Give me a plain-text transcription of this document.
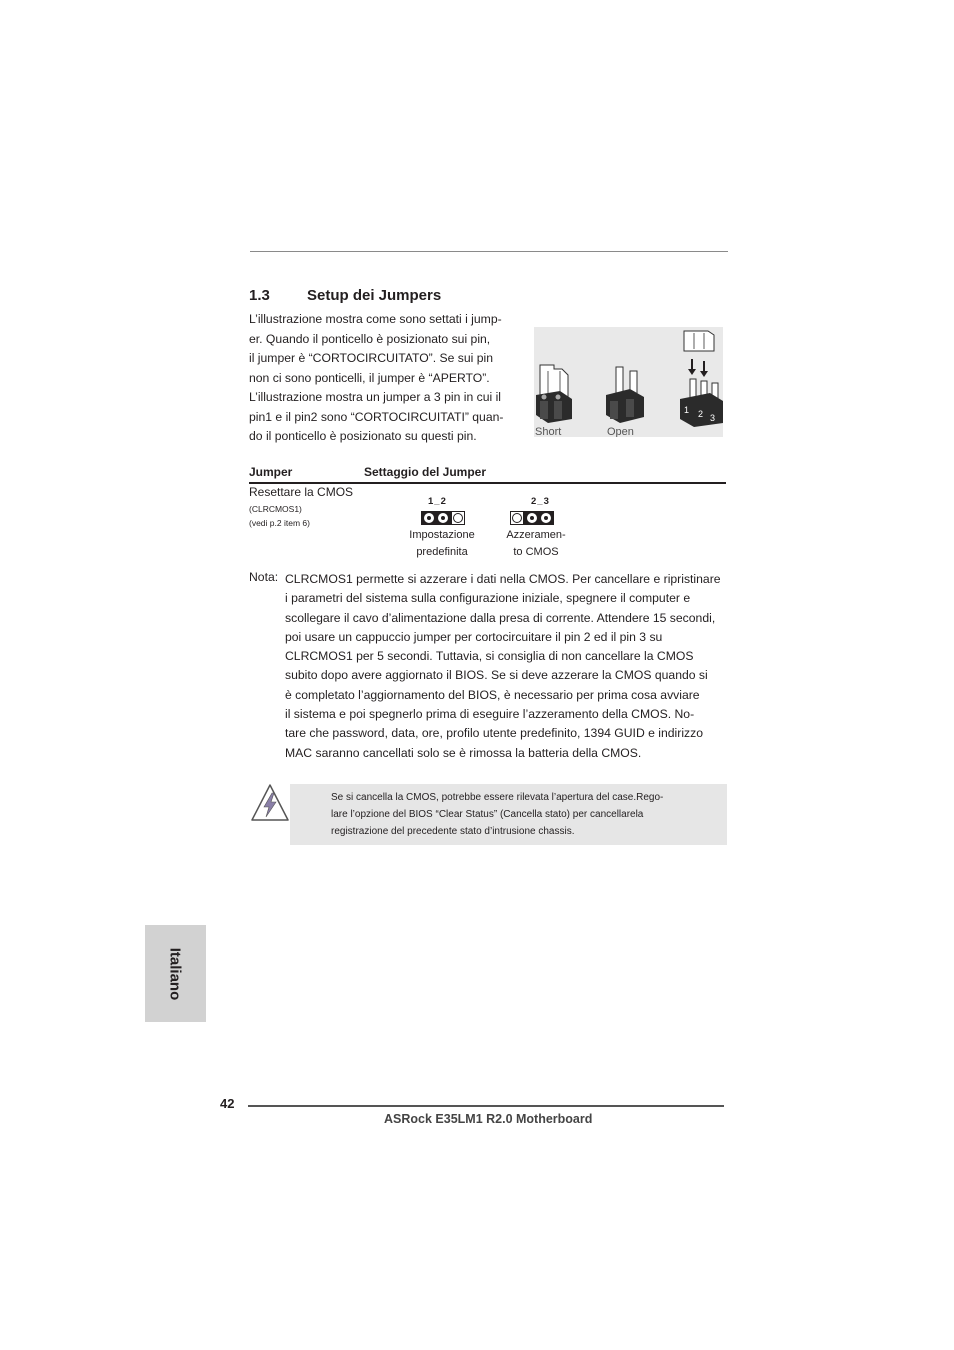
1.3 Setup dei Jumpers

L’illustrazione mostra come sono settati i jump-

er. Quando il ponticello è posizionato sui pin,

il jumper è “CORTOCIRCUITATO”. Se sui pin

non ci sono ponticelli, il jumper è “APERTO”.

L’illustrazione mostra un jumper a 3 pin in cui il

pin1 e il pin2 sono “CORTOCIRCUITATI” quan-

do il ponticello è posizionato su questi pin.

1 2 3
Short	Open
Jumper	Settaggio del Jumper
Resettare la CMOS
(CLRCMOS1)
(vedi p.2 item 6)
1_2
Impostazione
predefinita
2_3
Azzeramen-
to CMOS
Nota: CLRCMOS1 permette si azzerare i dati nella CMOS. Per cancellare e ripristinare
i parametri del sistema sulla configurazione iniziale, spegnere il computer e
scollegare il cavo d’alimentazione dalla presa di corrente. Attendere 15 secondi,
poi usare un cappuccio jumper per cortocircuitare il pin 2 ed il pin 3 su
CLRCMOS1 per 5 secondi. Tuttavia, si consiglia di non cancellare la CMOS
subito dopo avere aggiornato il BIOS. Se si deve azzerare la CMOS quando si
è completato l’aggiornamento del BIOS, è necessario per prima cosa avviare
il sistema e poi spegnerlo prima di eseguire l’azzeramento della CMOS. No-
tare che password, data, ore, profilo utente predefinito, 1394 GUID e indirizzo
MAC saranno cancellati solo se è rimossa la batteria della CMOS.
Se si cancella la CMOS, potrebbe essere rilevata l’apertura del case.Rego-
lare l’opzione del BIOS “Clear Status” (Cancella stato) per cancellarela
registrazione del precedente stato d’intrusione chassis.
Italiano
42
ASRock E35LM1 R2.0 Motherboard
